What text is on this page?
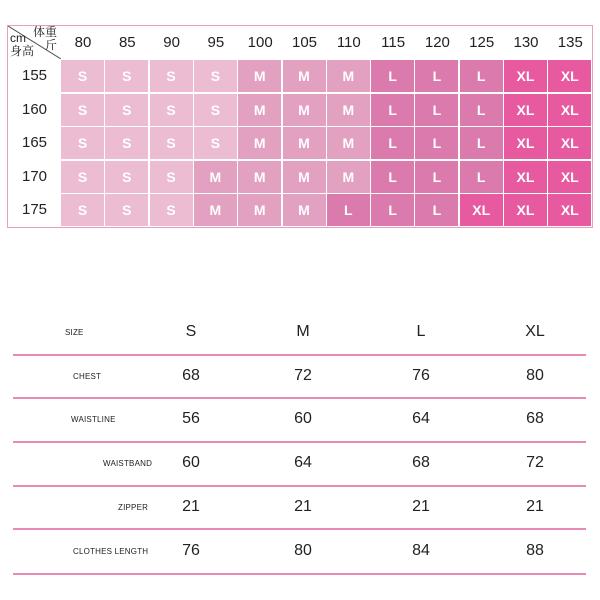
体重
斤
cm
身高	80	85	90	95	100	105	110	115	120	125	130	135
155	S	S	S	S	M	M	M	L	L	L	XL	XL
160	S	S	S	S	M	M	M	L	L	L	XL	XL
165	S	S	S	S	M	M	M	L	L	L	XL	XL
170	S	S	S	M	M	M	M	L	L	L	XL	XL
175	S	S	S	M	M	M	L	L	L	XL	XL	XL
SIZE	S	M	L	XL
CHEST	68	72	76	80
WAISTLINE	56	60	64	68
WAISTBAND	60	64	68	72
ZIPPER	21	21	21	21
CLOTHES LENGTH	76	80	84	88
